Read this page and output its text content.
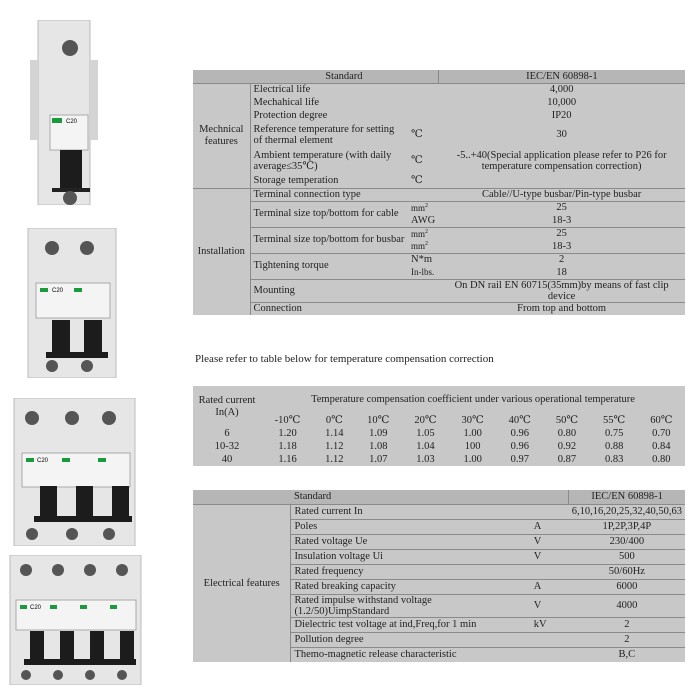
C20
C20
C20
C20
	Standard		IEC/EN 60898-1
Mechnical features	Electrical life		4,000
	Mechahical life		10,000
	Protection degree		IP20
	Reference temperature for setting of thermal element	℃	30
	Ambient temperature (with daily average≤35℃)	℃	-5..+40(Special application please refer to P26 for temperature compensation correction)
	Storage temperation	℃	

Installation	Terminal connection type		Cable//U-type busbar/Pin-type busbar
	Terminal size top/bottom for cable	$mm^2$	25
		AWG	18-3
	Terminal size top/bottom for busbar	$mm^2$	25
		$mm^2$	18-3
	Tightening torque	N*m	2
		In-lbs.	18
	Mounting		On DN rail EN 60715(35mm)by means of fast clip device
	Connection		From top and bottom
Please refer to table below for temperature compensation correction
Rated current In(A)	Temperature compensation coefficient under various operational temperature								
	-10℃	0℃	10℃	20℃	30℃	40℃	50℃	55℃	60℃
6	1.20	1.14	1.09	1.05	1.00	0.96	0.80	0.75	0.70
10-32	1.18	1.12	1.08	1.04	100	0.96	0.92	0.88	0.84
40	1.16	1.12	1.07	1.03	1.00	0.97	0.87	0.83	0.80
	Standard		IEC/EN 60898-1
Electrical features	Rated current In		6,10,16,20,25,32,40,50,63
	Poles	A	1P,2P,3P,4P
	Rated voltage Ue	V	230/400
	Insulation voltage Ui	V	500
	Rated frequency		50/60Hz
	Rated breaking capacity	A	6000
	Rated impulse withstand voltage (1.2/50)UimpStandard	V	4000
	Dielectric test voltage at ind,Freq,for 1 min	kV	2
	Pollution degree		2
	Themo-magnetic release characteristic		B,C
